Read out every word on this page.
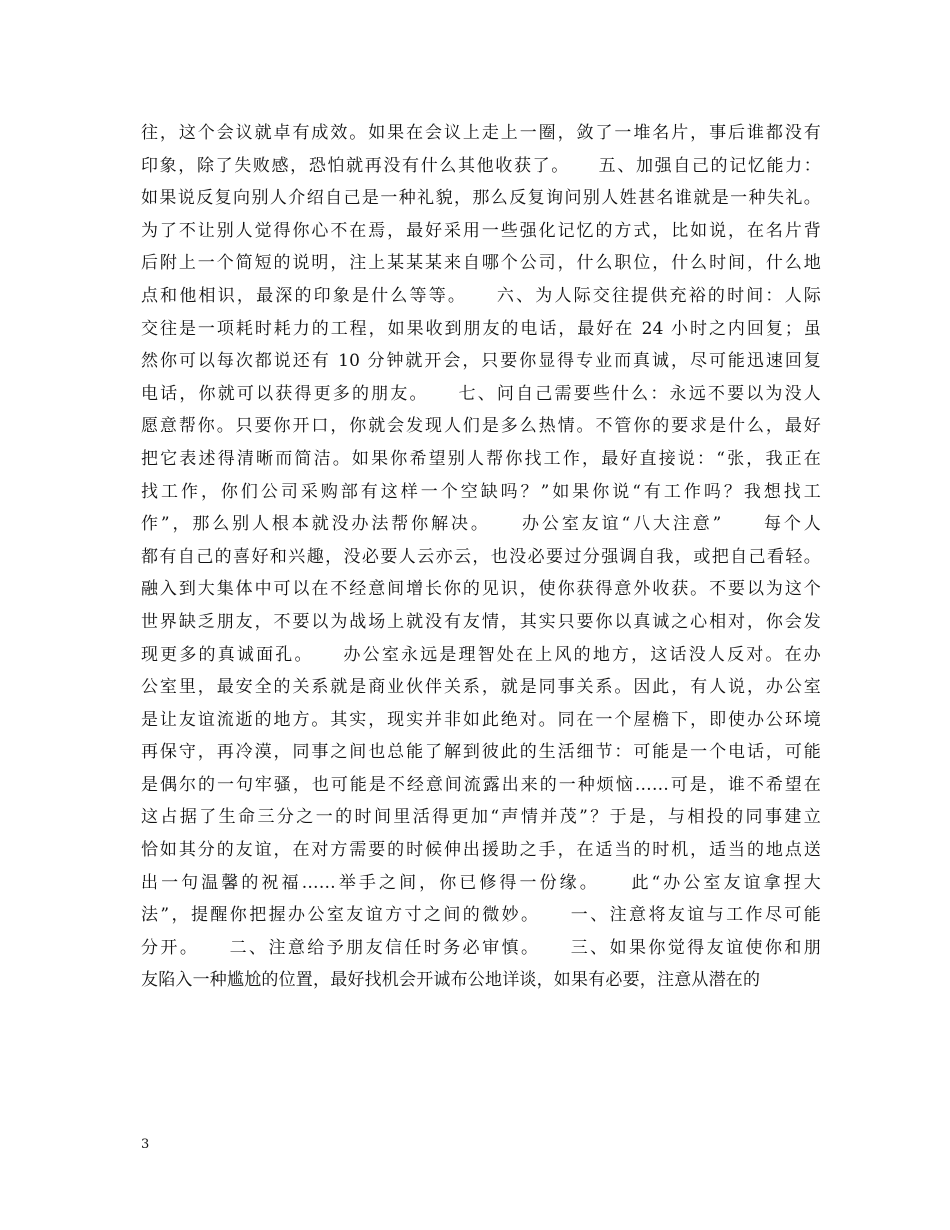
往，这个会议就卓有成效。如果在会议上走上一圈，敛了一堆名片，事后谁都没有
印象，除了失败感，恐怕就再没有什么其他收获了。　　五、加强自己的记忆能力：
如果说反复向别人介绍自己是一种礼貌，那么反复询问别人姓甚名谁就是一种失礼。
为了不让别人觉得你心不在焉，最好采用一些强化记忆的方式，比如说，在名片背
后附上一个简短的说明，注上某某某来自哪个公司，什么职位，什么时间，什么地
点和他相识，最深的印象是什么等等。　　六、为人际交往提供充裕的时间：人际
交往是一项耗时耗力的工程，如果收到朋友的电话，最好在 24 小时之内回复；虽
然你可以每次都说还有 10 分钟就开会，只要你显得专业而真诚，尽可能迅速回复
电话，你就可以获得更多的朋友。　　七、问自己需要些什么：永远不要以为没人
愿意帮你。只要你开口，你就会发现人们是多么热情。不管你的要求是什么，最好
把它表述得清晰而简洁。如果你希望别人帮你找工作，最好直接说：“张，我正在
找工作，你们公司采购部有这样一个空缺吗？”如果你说“有工作吗？我想找工
作”，那么别人根本就没办法帮你解决。　　办公室友谊“八大注意”　　每个人
都有自己的喜好和兴趣，没必要人云亦云，也没必要过分强调自我，或把自己看轻。
融入到大集体中可以在不经意间增长你的见识，使你获得意外收获。不要以为这个
世界缺乏朋友，不要以为战场上就没有友情，其实只要你以真诚之心相对，你会发
现更多的真诚面孔。　　办公室永远是理智处在上风的地方，这话没人反对。在办
公室里，最安全的关系就是商业伙伴关系，就是同事关系。因此，有人说，办公室
是让友谊流逝的地方。其实，现实并非如此绝对。同在一个屋檐下，即使办公环境
再保守，再冷漠，同事之间也总能了解到彼此的生活细节：可能是一个电话，可能
是偶尔的一句牢骚，也可能是不经意间流露出来的一种烦恼……可是，谁不希望在
这占据了生命三分之一的时间里活得更加“声情并茂”？于是，与相投的同事建立
恰如其分的友谊，在对方需要的时候伸出援助之手，在适当的时机，适当的地点送
出一句温馨的祝福……举手之间，你已修得一份缘。　　此“办公室友谊拿捏大
法”，提醒你把握办公室友谊方寸之间的微妙。　　一、注意将友谊与工作尽可能
分开。　　二、注意给予朋友信任时务必审慎。　　三、如果你觉得友谊使你和朋
友陷入一种尴尬的位置，最好找机会开诚布公地详谈，如果有必要，注意从潜在的
3
